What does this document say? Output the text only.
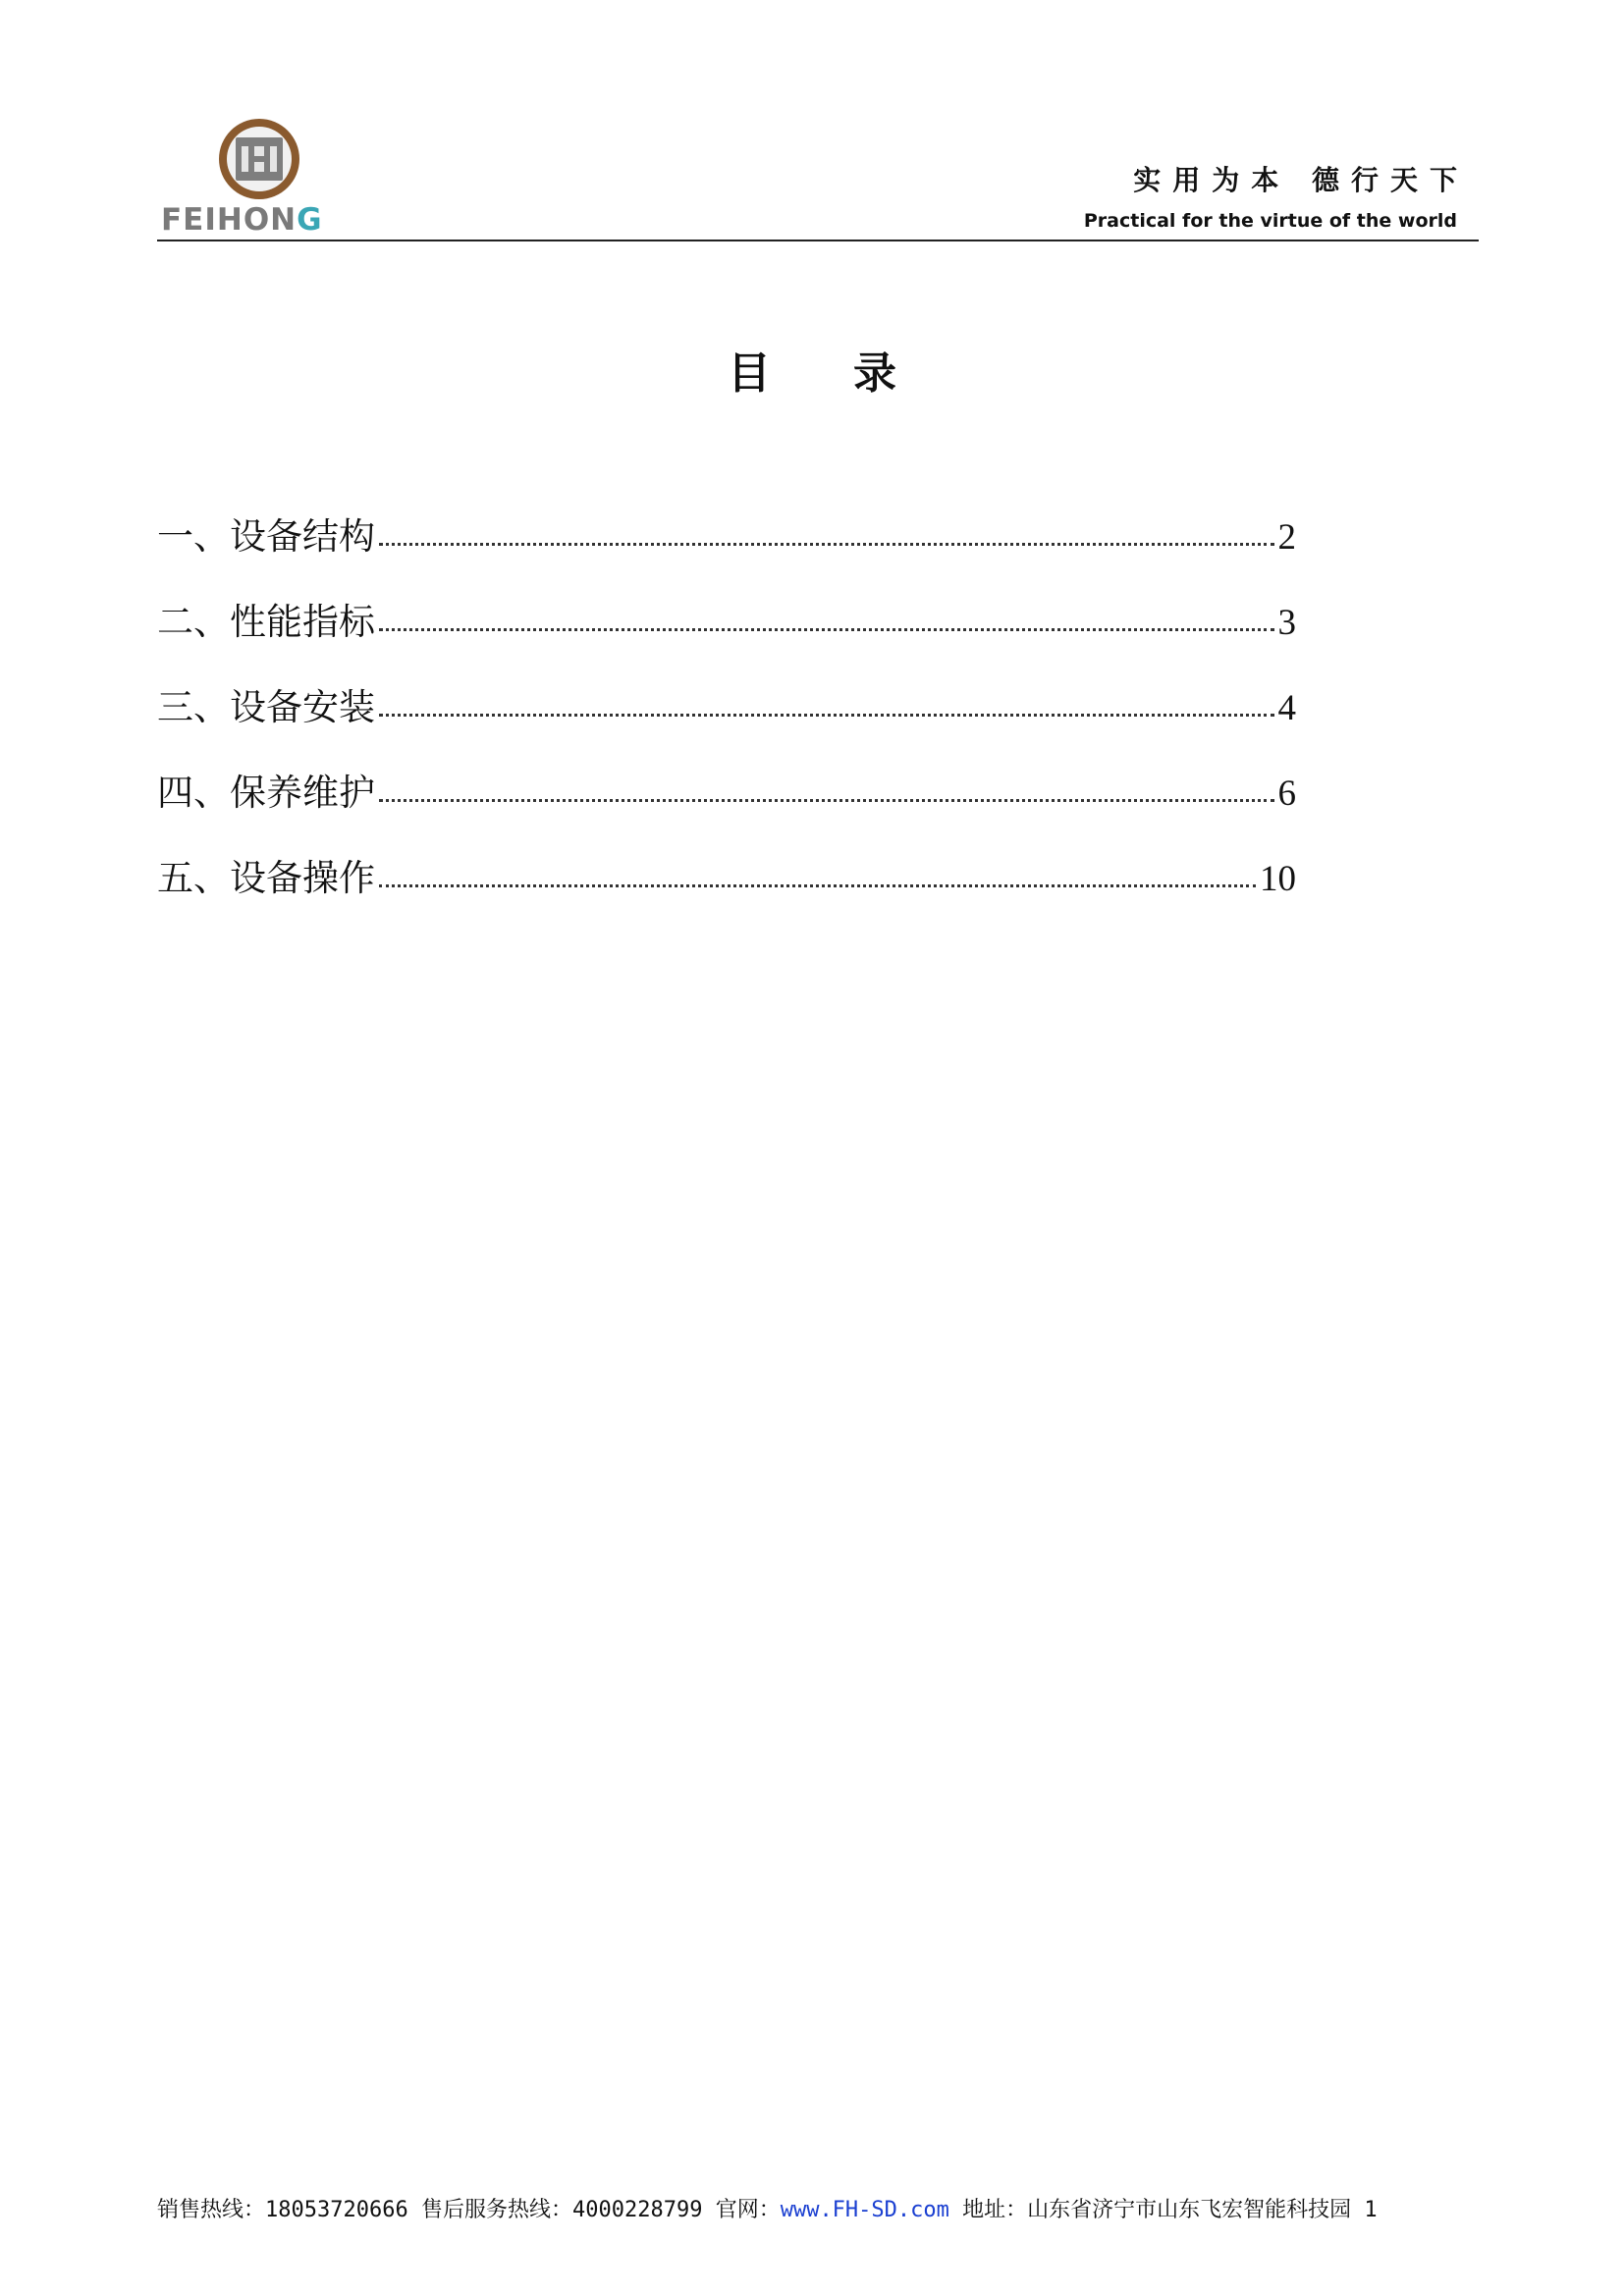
FEIHONG
实用为本 德行天下
Practical for the virtue of the world
目录
一、设备结构	2
二、性能指标	3
三、设备安装	4
四、保养维护	6
五、设备操作	10
销售热线：18053720666 售后服务热线：4000228799 官网：www.FH-SD.com 地址：山东省济宁市山东飞宏智能科技园 1
